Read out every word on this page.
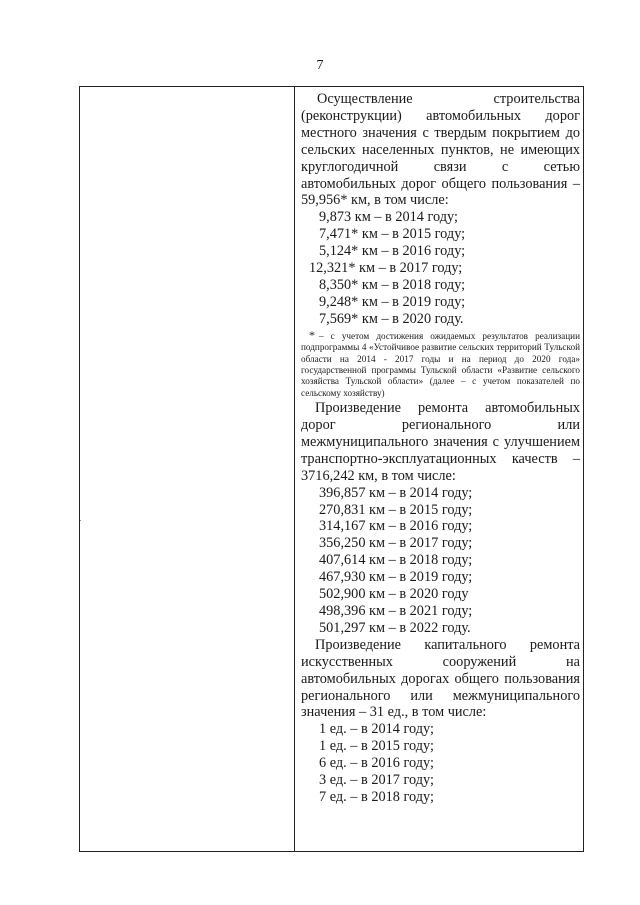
7

Осуществление строительства (реконструкции) автомобильных дорог местного значения с твердым покрытием до сельских населенных пунктов, не имеющих круглогодичной связи с сетью автомобильных дорог общего пользования – 59,956* км, в том числе:

9,873 км – в 2014 году;

7,471* км – в 2015 году;

5,124* км – в 2016 году;

12,321* км – в 2017 году;

8,350* км – в 2018 году;

9,248* км – в 2019 году;

7,569* км – в 2020 году.

* – с учетом достижения ожидаемых результатов реализации подпрограммы 4 «Устойчивое развитие сельских территорий Тульской области на 2014 - 2017 годы и на период до 2020 года» государственной программы Тульской области «Развитие сельского хозяйства Тульской области» (далее – с учетом показателей по сельскому хозяйству)

Произведение ремонта автомобильных дорог регионального или межмуниципального значения с улучшением транспортно-эксплуатационных качеств – 3716,242 км, в том числе:

396,857 км – в 2014 году;

270,831 км – в 2015 году;

314,167 км – в 2016 году;

356,250 км – в 2017 году;

407,614 км – в 2018 году;

467,930 км – в 2019 году;

502,900 км – в 2020 году

498,396 км – в 2021 году;

501,297 км – в 2022 году.

Произведение капитального ремонта искусственных сооружений на автомобильных дорогах общего пользования регионального или межмуниципального значения – 31 ед., в том числе:

1 ед. – в 2014 году;

1 ед. – в 2015 году;

6 ед. – в 2016 году;

3 ед. – в 2017 году;

7 ед. – в 2018 году;
